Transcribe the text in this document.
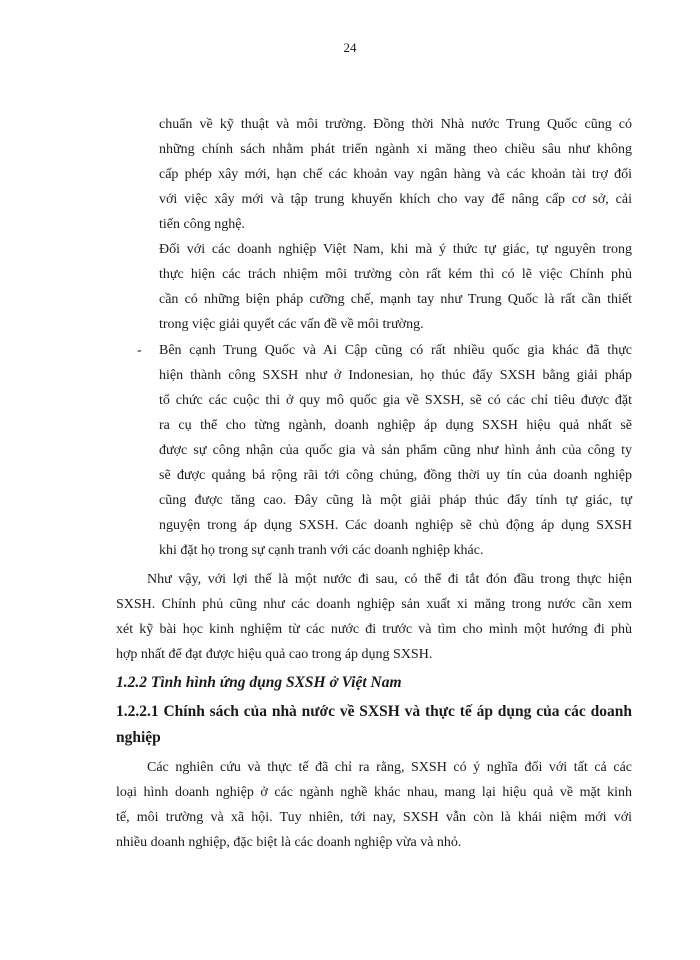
24
chuẩn về kỹ thuật và môi trường. Đồng thời Nhà nước Trung Quốc cũng có
những chính sách nhằm phát triển ngành xi măng theo chiều sâu như không
cấp phép xây mới, hạn chế các khoản vay ngân hàng và các khoản tài trợ đối
với việc xây mới và tập trung khuyến khích cho vay để nâng cấp cơ sở, cải
tiến công nghệ.
Đối với các doanh nghiệp Việt Nam, khi mà ý thức tự giác, tự nguyên trong
thực hiện các trách nhiệm môi trường còn rất kém thì có lẽ việc Chính phủ
cần có những biện pháp cưỡng chế, mạnh tay như Trung Quốc là rất cần thiết
trong việc giải quyết các vấn đề về môi trường.
- Bên cạnh Trung Quốc và Ai Cập cũng có rất nhiều quốc gia khác đã thực
hiện thành công SXSH như ở Indonesian, họ thúc đẩy SXSH bằng giải pháp
tổ chức các cuộc thi ở quy mô quốc gia về SXSH, sẽ có các chỉ tiêu được đặt
ra cụ thể cho từng ngành, doanh nghiệp áp dụng SXSH hiệu quả nhất sẽ
được sự công nhận của quốc gia và sản phẩm cũng như hình ảnh của công ty
sẽ được quảng bá rộng rãi tới công chúng, đồng thời uy tín của doanh nghiệp
cũng được tăng cao. Đây cũng là một giải pháp thúc đẩy tính tự giác, tự
nguyện trong áp dụng SXSH. Các doanh nghiệp sẽ chủ động áp dụng SXSH
khi đặt họ trong sự cạnh tranh với các doanh nghiệp khác.
Như vậy, với lợi thế là một nước đi sau, có thể đi tắt đón đầu trong thực hiện
SXSH. Chính phủ cũng như các doanh nghiệp sản xuất xi măng trong nước cần xem
xét kỹ bài học kinh nghiệm từ các nước đi trước và tìm cho mình một hướng đi phù
hợp nhất để đạt được hiệu quả cao trong áp dụng SXSH.
1.2.2 Tình hình ứng dụng SXSH ở Việt Nam
1.2.2.1 Chính sách của nhà nước về SXSH và thực tế áp dụng của các doanh
nghiệp
Các nghiên cứu và thực tế đã chỉ ra rằng, SXSH có ý nghĩa đối với tất cả các
loại hình doanh nghiệp ở các ngành nghề khác nhau, mang lại hiệu quả về mặt kinh
tế, môi trường và xã hội. Tuy nhiên, tới nay, SXSH vẫn còn là khái niệm mới với
nhiều doanh nghiệp, đặc biệt là các doanh nghiệp vừa và nhỏ.
